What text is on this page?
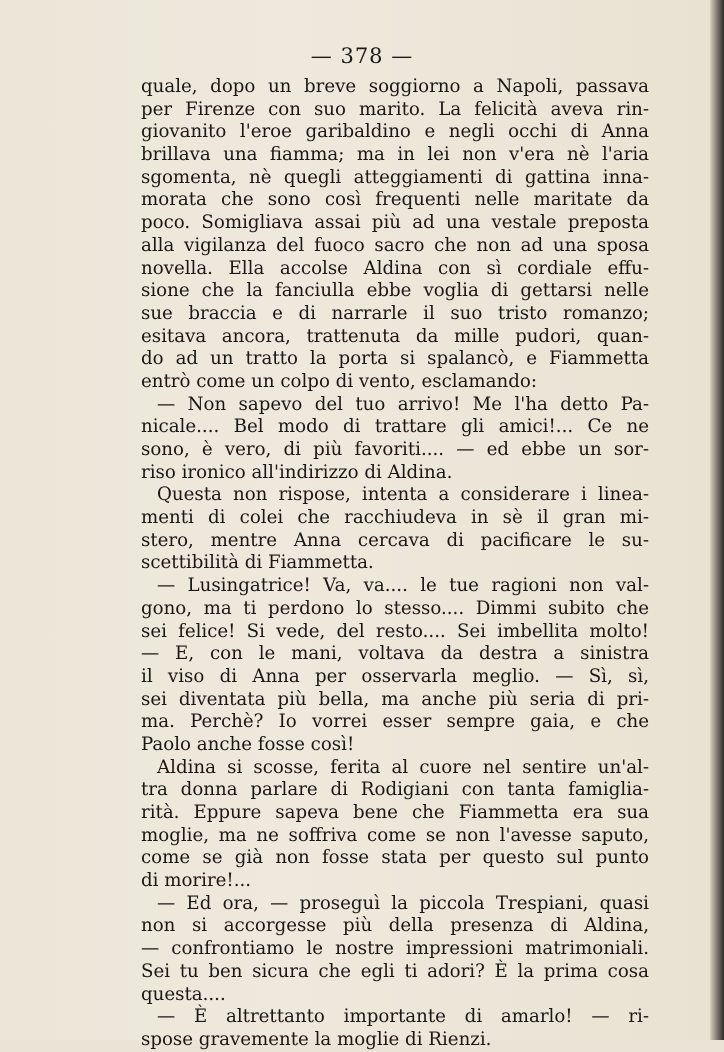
— 378 —
quale, dopo un breve soggiorno a Napoli, passava
per Firenze con suo marito. La felicità aveva rin-
giovanito l'eroe garibaldino e negli occhi di Anna
brillava una fiamma; ma in lei non v'era nè l'aria
sgomenta, nè quegli atteggiamenti di gattina inna-
morata che sono così frequenti nelle maritate da
poco. Somigliava assai più ad una vestale preposta
alla vigilanza del fuoco sacro che non ad una sposa
novella. Ella accolse Aldina con sì cordiale effu-
sione che la fanciulla ebbe voglia di gettarsi nelle
sue braccia e di narrarle il suo tristo romanzo;
esitava ancora, trattenuta da mille pudori, quan-
do ad un tratto la porta si spalancò, e Fiammetta
entrò come un colpo di vento, esclamando:
— Non sapevo del tuo arrivo! Me l'ha detto Pa-
nicale.... Bel modo di trattare gli amici!... Ce ne
sono, è vero, di più favoriti.... — ed ebbe un sor-
riso ironico all'indirizzo di Aldina.
Questa non rispose, intenta a considerare i linea-
menti di colei che racchiudeva in sè il gran mi-
stero, mentre Anna cercava di pacificare le su-
scettibilità di Fiammetta.
— Lusingatrice! Va, va.... le tue ragioni non val-
gono, ma ti perdono lo stesso.... Dimmi subito che
sei felice! Si vede, del resto.... Sei imbellita molto!
— E, con le mani, voltava da destra a sinistra
il viso di Anna per osservarla meglio. — Sì, sì,
sei diventata più bella, ma anche più seria di pri-
ma. Perchè? Io vorrei esser sempre gaia, e che
Paolo anche fosse così!
Aldina si scosse, ferita al cuore nel sentire un'al-
tra donna parlare di Rodigiani con tanta famiglia-
rità. Eppure sapeva bene che Fiammetta era sua
moglie, ma ne soffriva come se non l'avesse saputo,
come se già non fosse stata per questo sul punto
di morire!...
— Ed ora, — proseguì la piccola Trespiani, quasi
non si accorgesse più della presenza di Aldina,
— confrontiamo le nostre impressioni matrimoniali.
Sei tu ben sicura che egli ti adori? È la prima cosa
questa....
— È altrettanto importante di amarlo! — ri-
spose gravemente la moglie di Rienzi.
